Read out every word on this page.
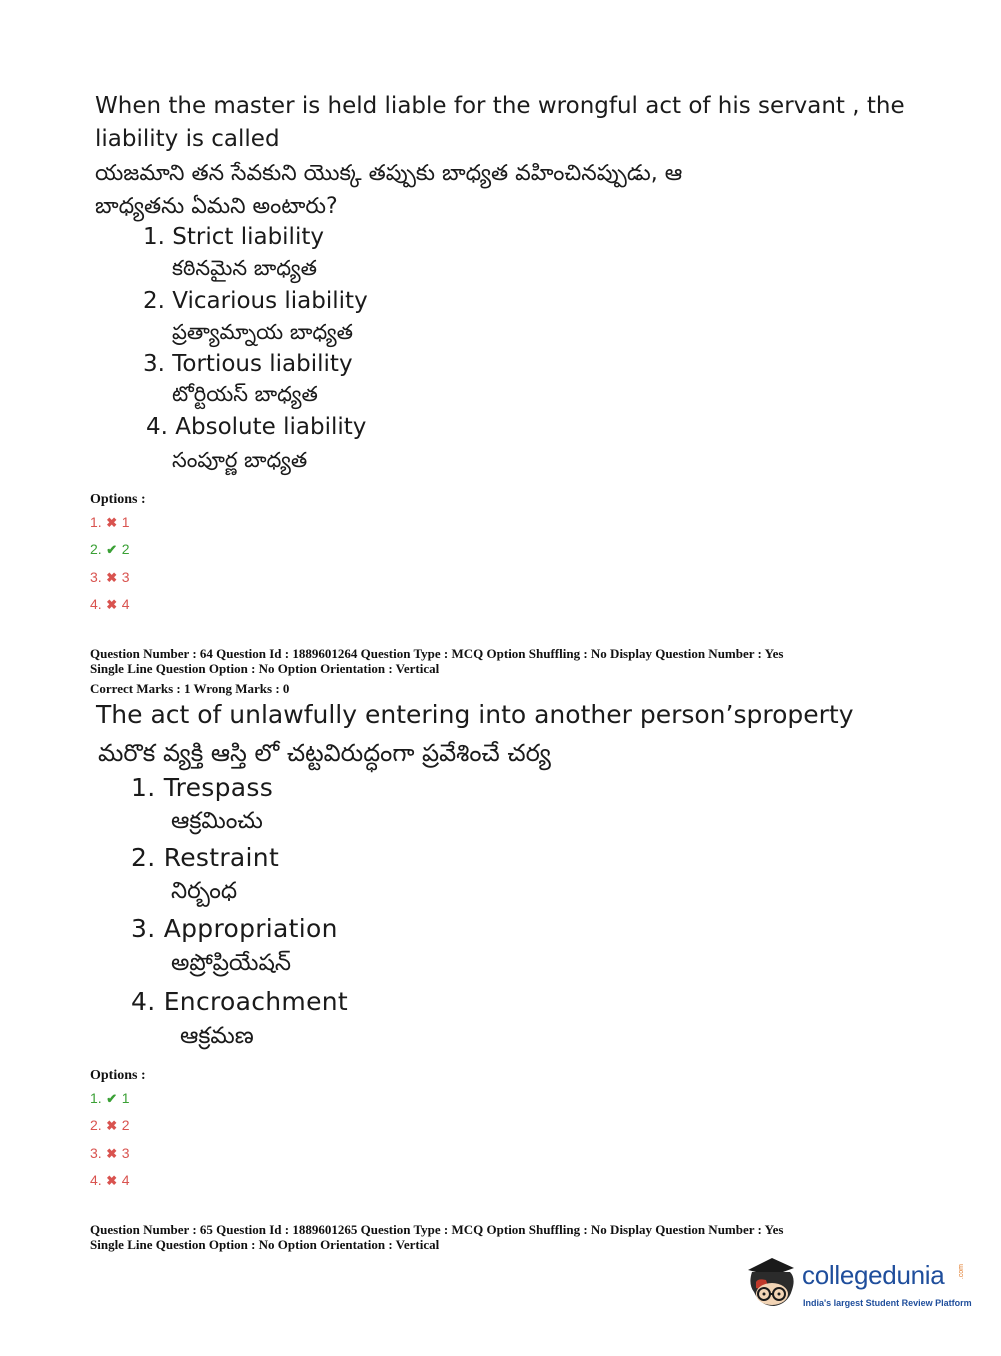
When the master is held liable for the wrongful act of his servant , the
liability is called
యజమాని తన సేవకుని యొక్క తప్పుకు బాధ్యత వహించినప్పుడు, ఆ
బాధ్యతను ఏమని అంటారు?
1. Strict liability
కఠినమైన బాధ్యత
2. Vicarious liability
ప్రత్యామ్నాయ బాధ్యత
3. Tortious liability
టోర్టియస్ బాధ్యత
4. Absolute liability
సంపూర్ణ బాధ్యత
Options :
1. ✖ 1
2. ✔ 2
3. ✖ 3
4. ✖ 4
Question Number : 64 Question Id : 1889601264 Question Type : MCQ Option Shuffling : No Display Question Number : Yes
Single Line Question Option : No Option Orientation : Vertical
Correct Marks : 1 Wrong Marks : 0
The act of unlawfully entering into another person’sproperty
మరొక వ్యక్తి ఆస్తి లో చట్టవిరుద్ధంగా ప్రవేశించే చర్య
1. Trespass
ఆక్రమించు
2. Restraint
నిర్బంధ
3. Appropriation
అప్రోప్రియేషన్
4. Encroachment
ఆక్రమణ
Options :
1. ✔ 1
2. ✖ 2
3. ✖ 3
4. ✖ 4
Question Number : 65 Question Id : 1889601265 Question Type : MCQ Option Shuffling : No Display Question Number : Yes
Single Line Question Option : No Option Orientation : Vertical
collegedunia .com
India's largest Student Review Platform
